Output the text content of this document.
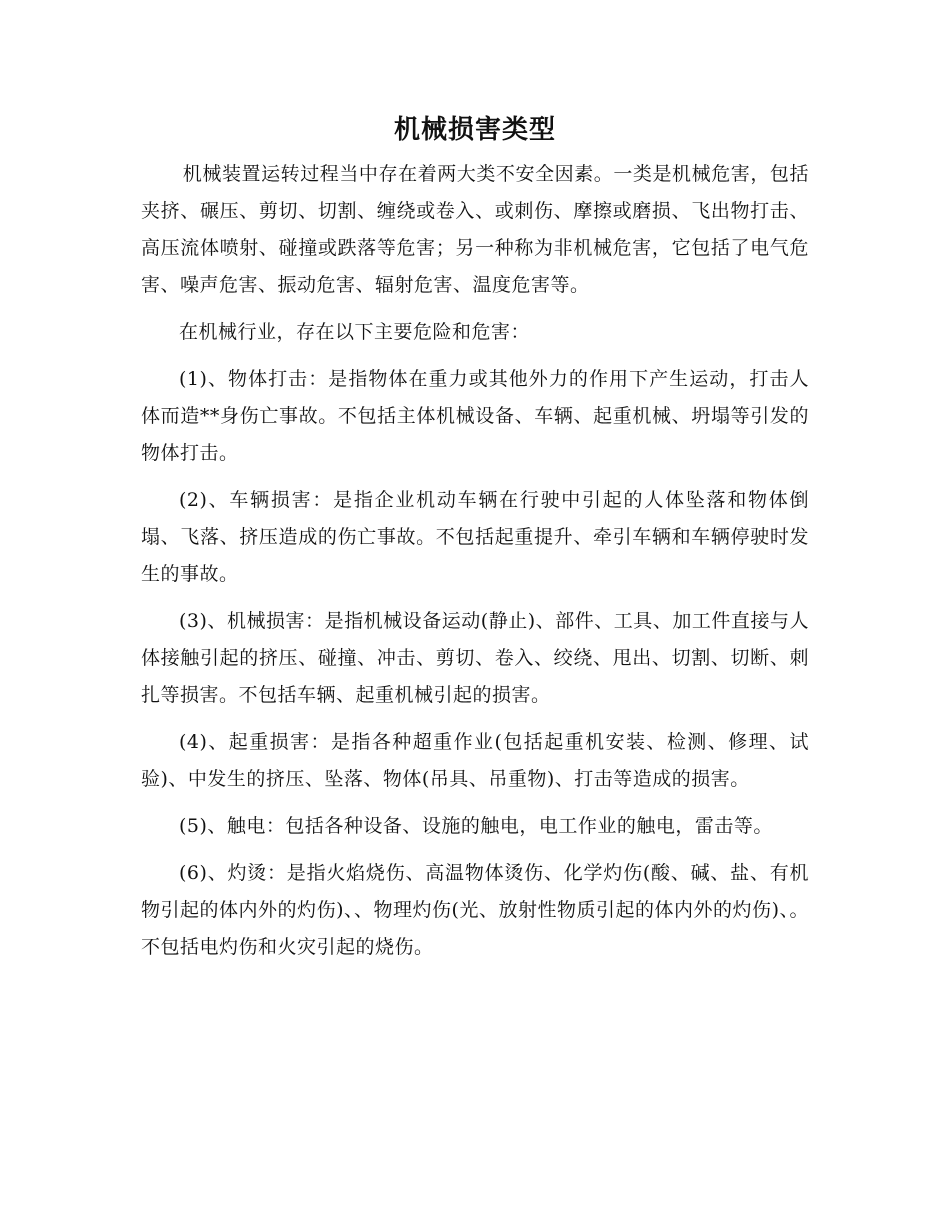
机械损害类型

机械装置运转过程当中存在着两大类不安全因素。一类是机械危害，包括夹挤、碾压、剪切、切割、缠绕或卷入、或刺伤、摩擦或磨损、飞出物打击、高压流体喷射、碰撞或跌落等危害；另一种称为非机械危害，它包括了电气危害、噪声危害、振动危害、辐射危害、温度危害等。

在机械行业，存在以下主要危险和危害：

(1)、物体打击：是指物体在重力或其他外力的作用下产生运动，打击人体而造**身伤亡事故。不包括主体机械设备、车辆、起重机械、坍塌等引发的物体打击。

(2)、车辆损害：是指企业机动车辆在行驶中引起的人体坠落和物体倒塌、飞落、挤压造成的伤亡事故。不包括起重提升、牵引车辆和车辆停驶时发生的事故。

(3)、机械损害：是指机械设备运动(静止)、部件、工具、加工件直接与人体接触引起的挤压、碰撞、冲击、剪切、卷入、绞绕、甩出、切割、切断、刺扎等损害。不包括车辆、起重机械引起的损害。

(4)、起重损害：是指各种超重作业(包括起重机安装、检测、修理、试验)、中发生的挤压、坠落、物体(吊具、吊重物)、打击等造成的损害。

(5)、触电：包括各种设备、设施的触电，电工作业的触电，雷击等。

(6)、灼烫：是指火焰烧伤、高温物体烫伤、化学灼伤(酸、碱、盐、有机物引起的体内外的灼伤)、、物理灼伤(光、放射性物质引起的体内外的灼伤)、。不包括电灼伤和火灾引起的烧伤。
